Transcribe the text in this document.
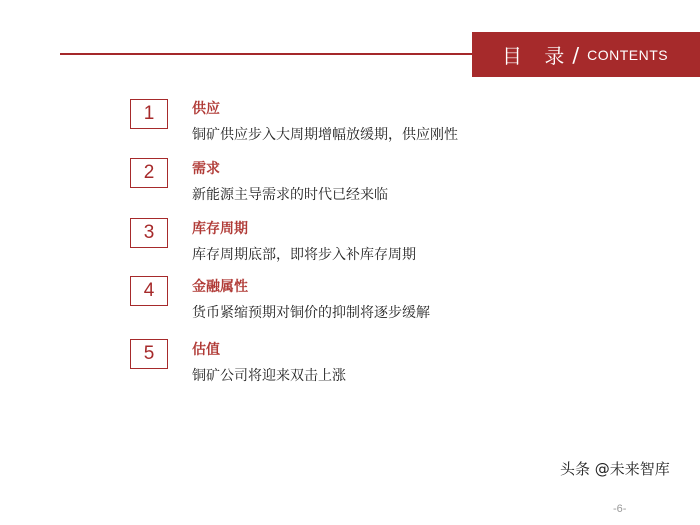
目 录 / CONTENTS
1	供应
铜矿供应步入大周期增幅放缓期，供应刚性
2	需求
新能源主导需求的时代已经来临
3	库存周期
库存周期底部，即将步入补库存周期
4	金融属性
货币紧缩预期对铜价的抑制将逐步缓解
5	估值
铜矿公司将迎来双击上涨
头条 @未来智库
-6-
